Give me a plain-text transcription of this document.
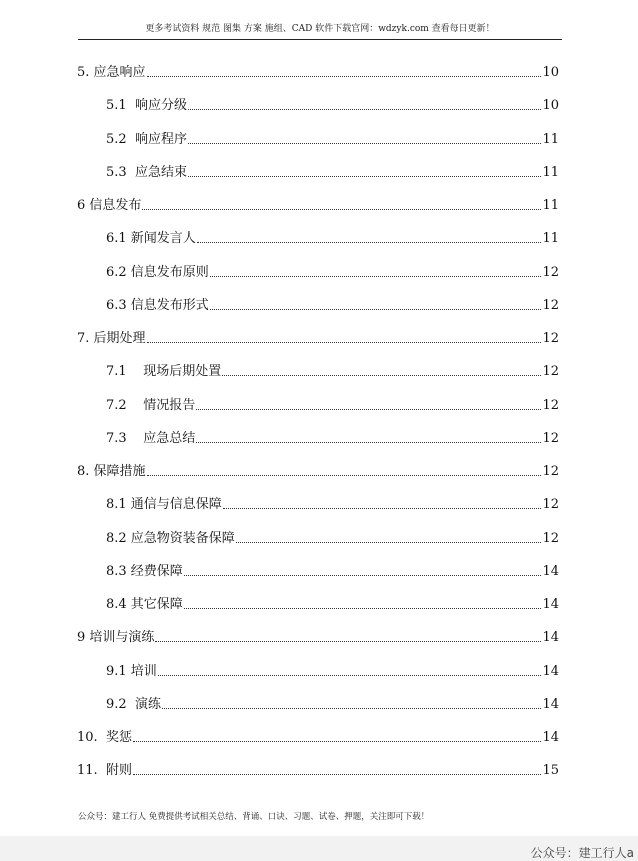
更多考试资料 规范 图集 方案 施组、CAD 软件下载官网：wdzyk.com 查看每日更新！
5. 应急响应	10
5.1  响应分级	10
5.2  响应程序	11
5.3  应急结束	11
6 信息发布	11
6.1 新闻发言人	11
6.2 信息发布原则	12
6.3 信息发布形式	12
7. 后期处理	12
7.1    现场后期处置	12
7.2    情况报告	12
7.3    应急总结	12
8. 保障措施	12
8.1 通信与信息保障	12
8.2 应急物资装备保障	12
8.3 经费保障	14
8.4 其它保障	14
9 培训与演练	14
9.1 培训	14
9.2  演练	14
10.  奖惩	14
11.  附则	15
公众号：建工行人 免费提供考试相关总结、背诵、口诀、习题、试卷、押题，关注即可下载！
公众号：建工行人a
